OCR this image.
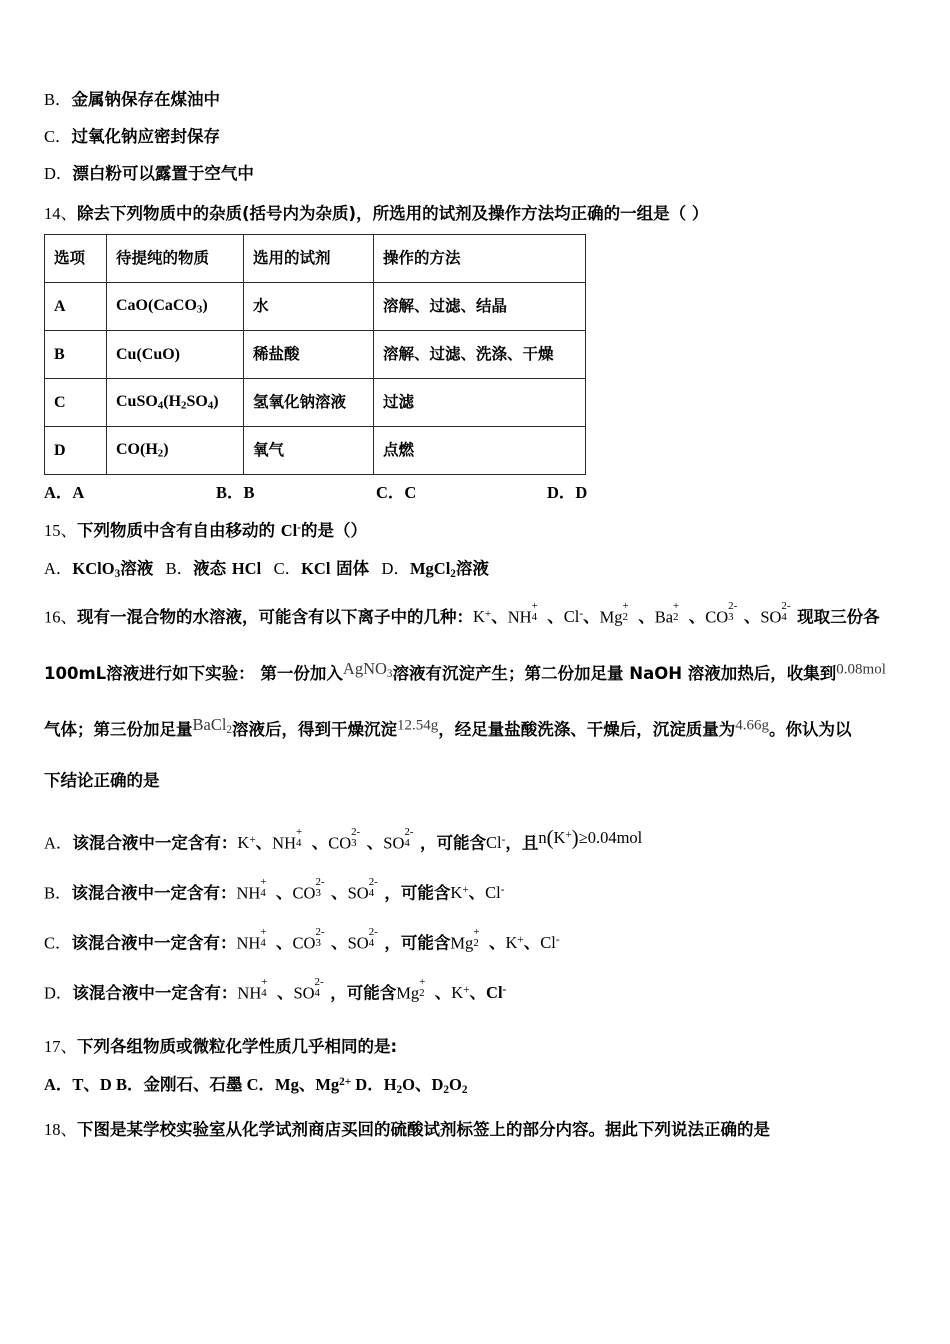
B．金属钠保存在煤油中
C．过氧化钠应密封保存
D．漂白粉可以露置于空气中
14、除去下列物质中的杂质(括号内为杂质)，所选用的试剂及操作方法均正确的一组是（ ）
选项	待提纯的物质	选用的试剂	操作的方法
A	CaO(CaCO$_3$)	水	溶解、过滤、结晶
B	Cu(CuO)	稀盐酸	溶解、过滤、洗涤、干燥
C	$CuSO_4(H_2SO_4)$	氢氧化钠溶液	过滤
D	$CO(H_2)$	氧气	点燃
A．A	B．B	C．C	D．D
15、下列物质中含有自由移动的 Cl-的是（）
A．KClO$_3$溶液 B．液态 HCl C．KCl 固体 D．MgCl$_2$溶液
16、现有一混合物的水溶液，可能含有以下离子中的几种：K+、NH
+
4 、Cl-、Mg
+
2 、Ba
+
2 、CO
2-
3 、SO
2-
4 现取三份各
100mL溶液进行如下实验： 第一份加入AgNO$_3$溶液有沉淀产生；第二份加足量 NaOH 溶液加热后，收集到0.08mol
气体；第三份加足量BaCl$_2$溶液后，得到干燥沉淀12.54g，经足量盐酸洗涤、干燥后，沉淀质量为4.66g。你认为以
下结论正确的是
A．该混合液中一定含有：K+、NH
+
4 、CO
2-
3 、SO
2-
4 ，可能含Cl-，且n(K+)≥0.04mol
B．该混合液中一定含有：NH
+
4 、CO
2-
3 、SO
2-
4 ，可能含K+、Cl-
C．该混合液中一定含有：NH
+
4 、CO
2-
3 、SO
2-
4 ，可能含Mg
+
2 、K+、Cl-
D．该混合液中一定含有：NH
+
4 、SO
2-
4 ，可能含Mg
+
2 、K+、Cl-
17、下列各组物质或微粒化学性质几乎相同的是:
A．T、D B．金刚石、石墨 C．Mg、$Mg^{2+}$ D．$H_2O$、$D_2O_2$
18、下图是某学校实验室从化学试剂商店买回的硫酸试剂标签上的部分内容。据此下列说法正确的是
